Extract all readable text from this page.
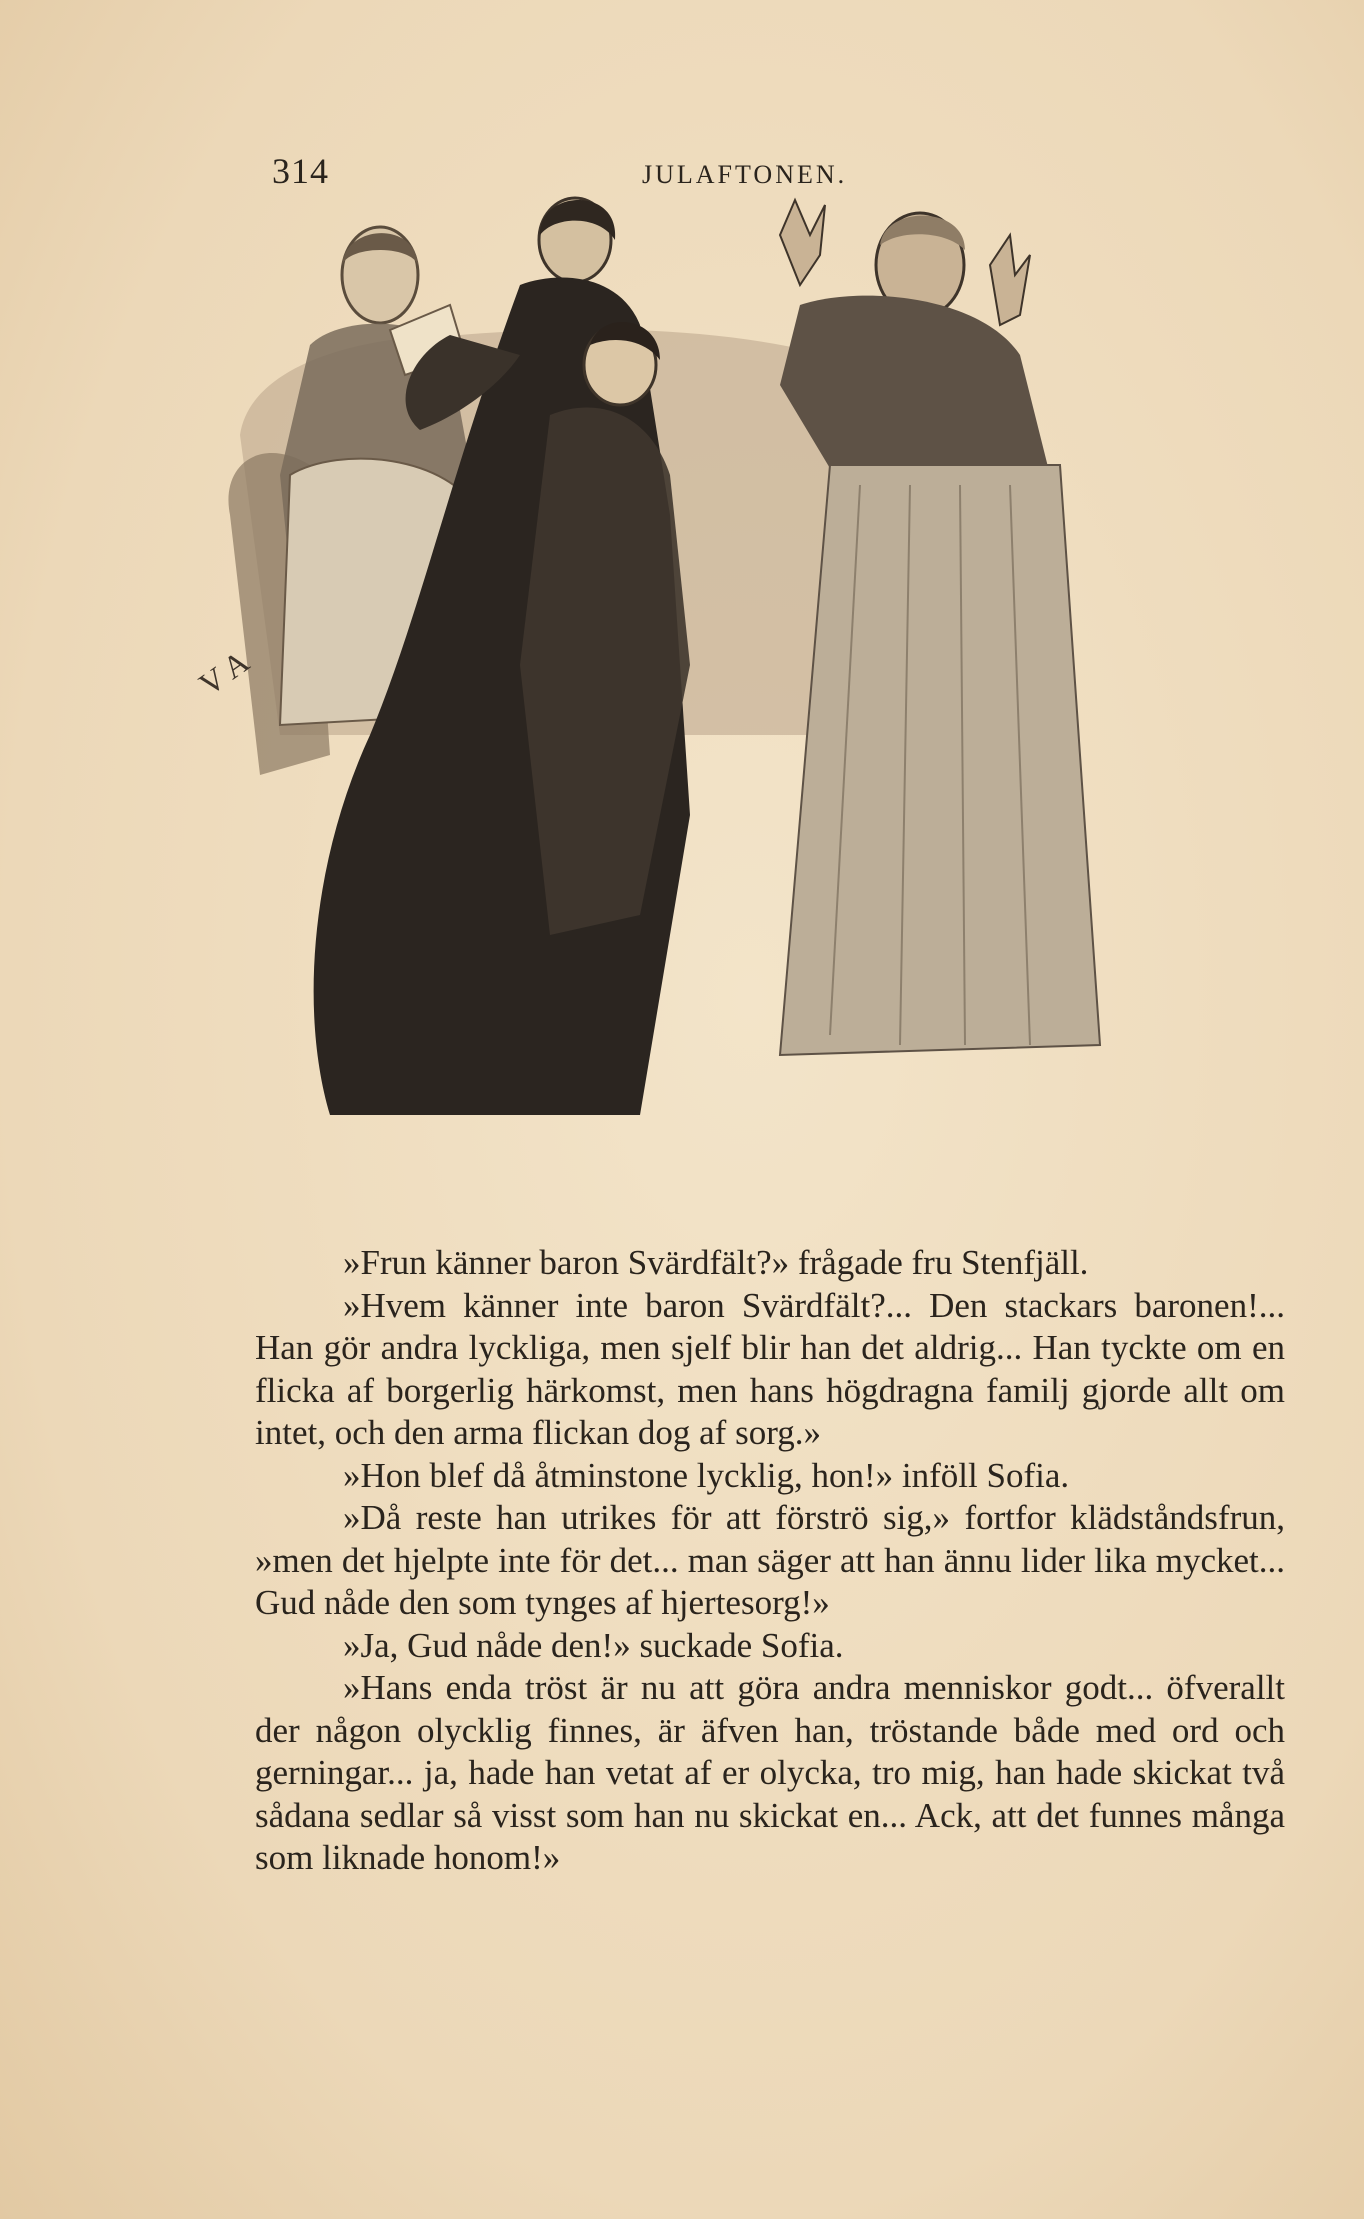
314	JULAFTONEN.
V A

»Frun känner baron Svärdfält?» frågade fru Stenfjäll.

»Hvem känner inte baron Svärdfält?... Den stackars baronen!... Han gör andra lyckliga, men sjelf blir han det aldrig... Han tyckte om en flicka af borgerlig härkomst, men hans högdragna familj gjorde allt om intet, och den arma flickan dog af sorg.»

»Hon blef då åtminstone lycklig, hon!» inföll Sofia.

»Då reste han utrikes för att förströ sig,» fortfor klädståndsfrun, »men det hjelpte inte för det... man säger att han ännu lider lika mycket... Gud nåde den som tynges af hjertesorg!»

»Ja, Gud nåde den!» suckade Sofia.

»Hans enda tröst är nu att göra andra menniskor godt... öfverallt der någon olycklig finnes, är äfven han, tröstande både med ord och gerningar... ja, hade han vetat af er olycka, tro mig, han hade skickat två sådana sedlar så visst som han nu skickat en... Ack, att det funnes många som liknade honom!»
